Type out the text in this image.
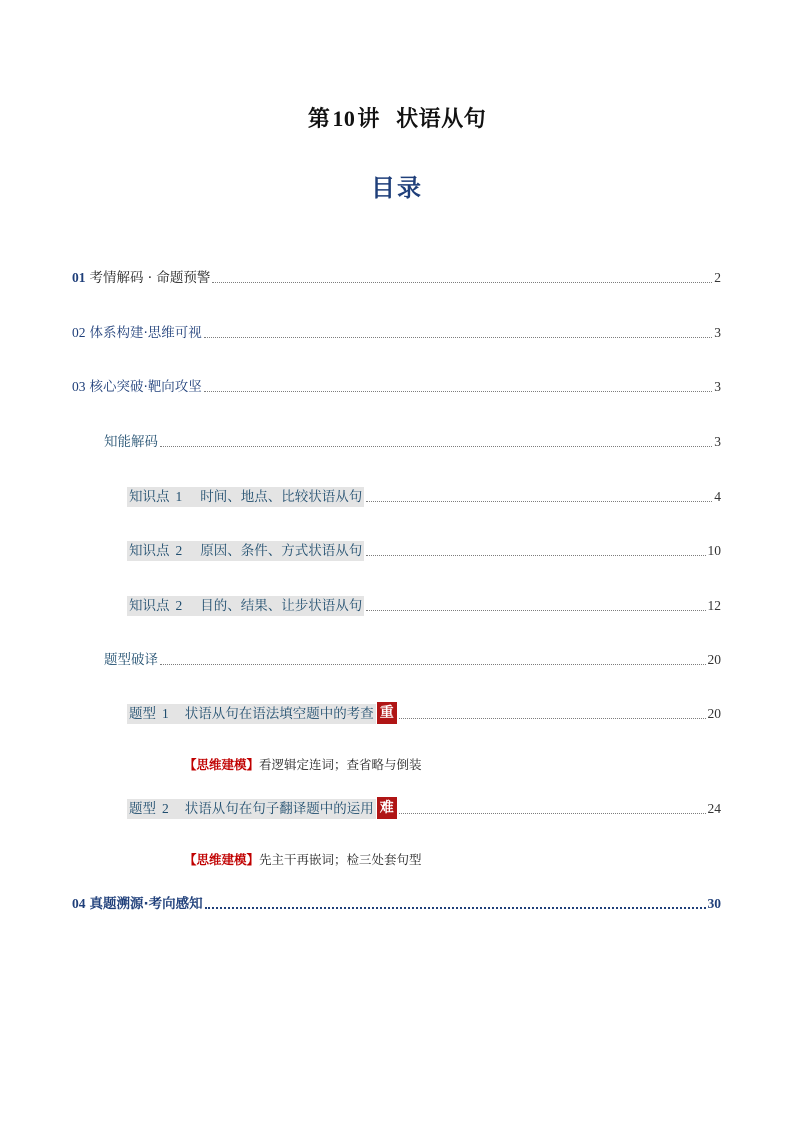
第10讲  状语从句
目录
01 考情解码 · 命题预警	2
02 体系构建·思维可视	3
03 核心突破·靶向攻坚	3
知能解码	3
知识点 1 时间、地点、比较状语从句	4
知识点 2 原因、条件、方式状语从句	10
知识点 2 目的、结果、让步状语从句	12
题型破译	20
题型 1 状语从句在语法填空题中的考查 重	20
【思维建模】看逻辑定连词；查省略与倒装
题型 2 状语从句在句子翻译题中的运用 难	24
【思维建模】先主干再嵌词；检三处套句型
04 真题溯源·考向感知	30
